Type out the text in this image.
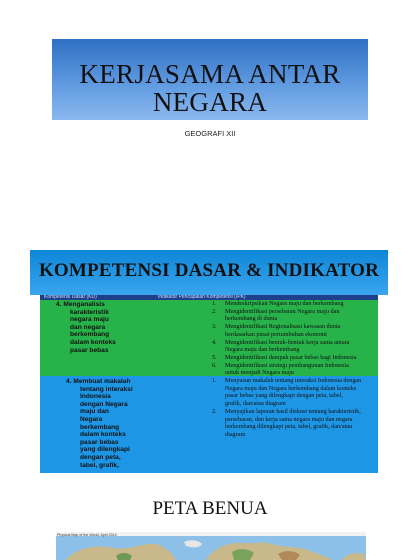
KERJASAMA ANTAR
NEGARA
GEOGRAFI XII
KOMPETENSI DASAR & INDIKATOR
Kompetensi Dasar (KD)	Indikator Pencapaian Kompetensi (IPK)
4. Menganalisis
karakteristik
negara maju
dan negara
berkembang
dalam konteks
pasar bebas
1. Mendeskripsikan Negara maju dan berkembang
2. Mengidentifikasi persebaran Negara maju dan
berkembang di dunia
3. Mengidentifikasi Regionalisasi kawasan dunia
berdasarkan pusat pertumbuhan ekonomi
4. Mengidentifikasi bentuk-bentuk kerja sama antara
Negara maju dan berkembang
5. Mengidentifikasi dampak pasar bebas bagi Indonesia
6. Mengidentifikasi strategi pembangunan Indonesia
untuk menjadi Negara maju
4. Membuat makalah
tentang interaksi
Indonesia
dengan Negara
maju dan
Negara
berkembang
dalam konteks
pasar bebas
yang dilengkapi
dengan peta,
tabel, grafik,
1. Menyusun makalah tentang interaksi Indonesia dengan
Negara maju dan Negara berkembang dalam konteks
pasar bebas yang dilengkapi dengan peta, tabel,
grafik, dan/atau diagram
2. Menyajikan laporan hasil diskusi tentang karakteristik,
persebaran, dan kerja sama negara maju dan negara
berkembang dilengkapi peta, tabel, grafik, dan/atau
diagram
PETA BENUA
Physical Map of the World, April 2014
